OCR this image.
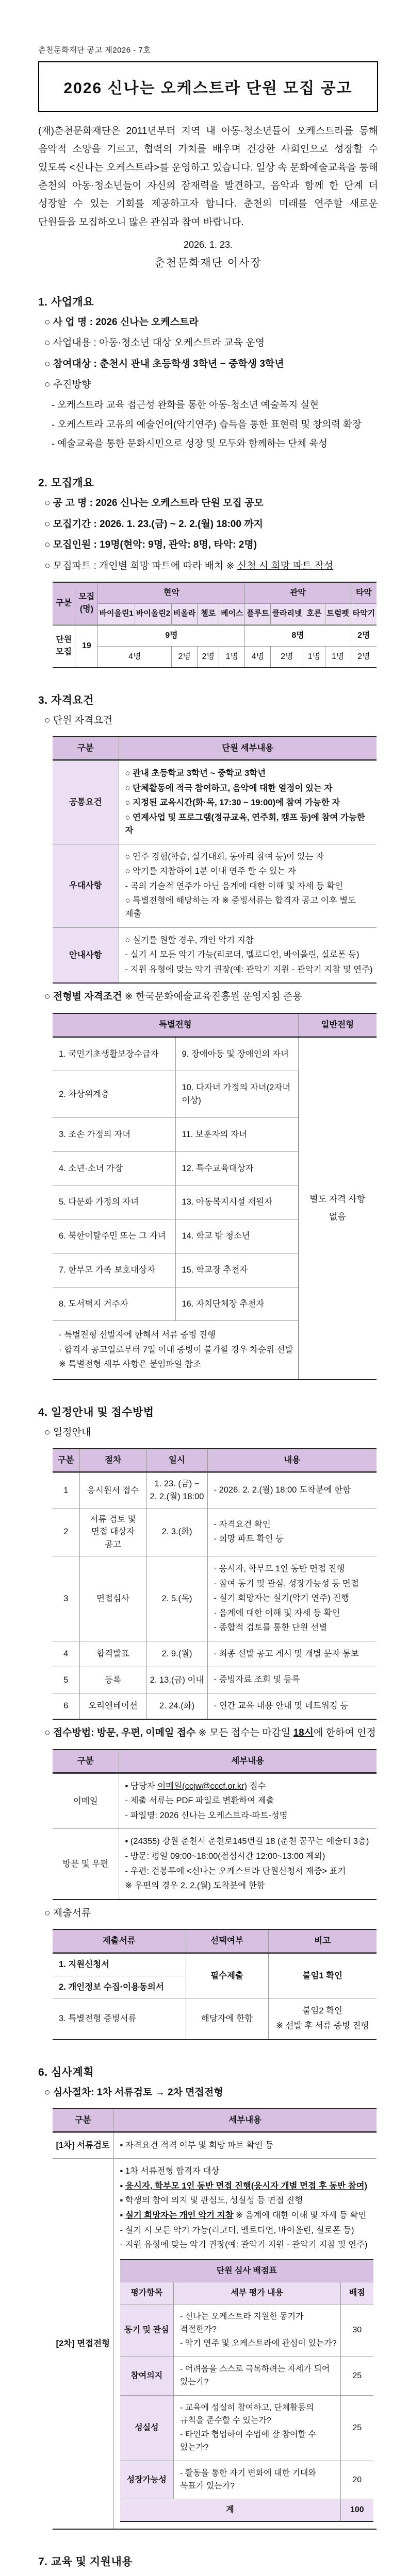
춘천문화재단 공고 제2026 - 7호
2026 신나는 오케스트라 단원 모집 공고
(재)춘천문화재단은 2011년부터 지역 내 아동·청소년들이 오케스트라를 통해 음악적 소양을 기르고, 협력의 가치를 배우며 건강한 사회인으로 성장할 수 있도록 <신나는 오케스트라>를 운영하고 있습니다. 일상 속 문화예술교육을 통해 춘천의 아동·청소년들이 자신의 잠재력을 발견하고, 음악과 함께 한 단계 더 성장할 수 있는 기회를 제공하고자 합니다. 춘천의 미래를 연주할 새로운 단원들을 모집하오니 많은 관심과 참여 바랍니다.
2026. 1. 23.
춘천문화재단 이사장
1. 사업개요
○ 사 업 명 : 2026 신나는 오케스트라
○ 사업내용 : 아동·청소년 대상 오케스트라 교육 운영
○ 참여대상 : 춘천시 관내 초등학생 3학년 ~ 중학생 3학년
○ 추진방향
- 오케스트라 교육 접근성 완화를 통한 아동·청소년 예술복지 실현
- 오케스트라 고유의 예술언어(악기연주) 습득을 통한 표현력 및 창의력 확장
- 예술교육을 통한 문화시민으로 성장 및 모두와 함께하는 단체 육성
2. 모집개요
○ 공 고 명 : 2026 신나는 오케스트라 단원 모집 공모
○ 모집기간 : 2026. 1. 23.(금) ~ 2. 2.(월) 18:00 까지
○ 모집인원 : 19명(현악: 9명, 관악: 8명, 타악: 2명)
○ 모집파트 : 개인별 희망 파트에 따라 배치 ※ 신청 시 희망 파트 작성
구분	모집(명)	현악					관악				타악
		바이올린1	바이올린2	비올라	첼로	베이스	플루트	클라리넷	호른	트럼펫	타악기
단원 모집	19	9명					8명				2명
		4명		2명	2명	1명	4명	2명	1명	1명	2명
3. 자격요건
○ 단원 자격요건
구분	단원 세부내용
공통요건	○ 관내 초등학교 3학년 ~ 중학교 3학년
○ 단체활동에 적극 참여하고, 음악에 대한 열정이 있는 자
○ 지정된 교육시간(화·목, 17:30 ~ 19:00)에 참여 가능한 자
○ 연계사업 및 프로그램(정규교육, 연주회, 캠프 등)에 참여 가능한 자

우대사항	○ 연주 경험(학습, 실기대회, 동아리 참여 등)이 있는 자
○ 악기를 지참하여 1분 이내 연주 할 수 있는 자
- 곡의 기술적 연주가 아닌 음계에 대한 이해 및 자세 등 확인
○ 특별전형에 해당하는 자 ※ 증빙서류는 합격자 공고 이후 별도 제출

안내사항	○ 실기를 원할 경우, 개인 악기 지참
- 실기 시 모든 악기 가능(리코더, 멜로디언, 바이올린, 실로폰 등)
- 지원 유형에 맞는 악기 권장(예: 관악기 지원 - 관악기 지참 및 연주)
○ 전형별 자격조건 ※ 한국문화예술교육진흥원 운영지침 준용
특별전형		일반전형
1. 국민기초생활보장수급자	9. 장애아동 및 장애인의 자녀	별도 자격 사항 없음
2. 차상위계층	10. 다자녀 가정의 자녀(2자녀 이상)	
3. 조손 가정의 자녀	11. 보훈자의 자녀	
4. 소년·소녀 가장	12. 특수교육대상자	
5. 다문화 가정의 자녀	13. 아동복지시설 재원자	
6. 북한이탈주민 또는 그 자녀	14. 학교 밖 청소년	
7. 한부모 가족 보호대상자	15. 학교장 추천자	
8. 도서벽지 거주자	16. 자치단체장 추천자	

- 특별전형 선발자에 한해서 서류 증빙 진행
· 합격자 공고일로부터 7일 이내 증빙이 불가할 경우 차순위 선발
※ 특별전형 세부 사항은 붙임파일 참조		
4. 일정안내 및 접수방법
○ 일정안내
구분	절차	일시	내용
1	응시원서 접수	1. 23. (금) ~ 2. 2.(월) 18:00	- 2026. 2. 2.(월) 18:00 도착분에 한함

2	서류 검토 및 면접 대상자 공고	2. 3.(화)	- 자격요건 확인
- 희망 파트 확인 등

3	면접심사	2. 5.(목)	- 응시자, 학부모 1인 동반 면접 진행
- 참여 동기 및 관심, 성장가능성 등 면접
- 실기 희망자는 실기(악기 연주) 진행
· 음계에 대한 이해 및 자세 등 확인
- 종합적 검토를 통한 단원 선별

4	합격발표	2. 9.(월)	- 최종 선발 공고 게시 및 개별 문자 통보

5	등록	2. 13.(금) 이내	- 증빙자료 조회 및 등록

6	오리엔테이션	2. 24.(화)	- 연간 교육 내용 안내 및 네트워킹 등
○ 접수방법: 방문, 우편, 이메일 접수 ※ 모든 접수는 마감일 18시에 한하여 인정
구분	세부내용
이메일	▪ 담당자 이메일(ccjw@cccf.or.kr) 접수
- 제출 서류는 PDF 파일로 변환하여 제출
- 파일명: 2026 신나는 오케스트라-파트-성명

방문 및 우편	▪ (24355) 강원 춘천시 춘천로145번길 18 (춘천 꿈꾸는 예술터 3층)
- 방문: 평일 09:00~18:00(점심시간 12:00~13:00 제외)
- 우편: 겉봉투에 <신나는 오케스트라 단원신청서 재중> 표기
※ 우편의 경우 2. 2.(월) 도착분에 한함
○ 제출서류
제출서류	선택여부	비고
1. 지원신청서	필수제출	붙임1 확인
2. 개인정보 수집·이용동의서		
3. 특별전형 증빙서류	해당자에 한함	붙임2 확인
※ 선발 후 서류 증빙 진행
6. 심사계획
○ 심사절차: 1차 서류검토 → 2차 면접전형
구분	세부내용
[1차] 서류검토	▪ 자격요건 적격 여부 및 희망 파트 확인 등

[2차] 면접전형	
▪ 1차 서류전형 합격자 대상
▪ 응시자, 학부모 1인 동반 면접 진행(응시자 개별 면접 후 동반 참여)
▪ 학생의 참여 의지 및 관심도, 성실성 등 면접 진행
▪ 실기 희망자는 개인 악기 지참 ※ 음계에 대한 이해 및 자세 등 확인
- 실기 시 모든 악기 가능(리코더, 멜로디언, 바이올린, 실로폰 등)
- 지원 유형에 맞는 악기 권장(예: 관악기 지원 - 관악기 지참 및 연주)
단원 심사 배점표
평가항목	세부 평가 내용	배점
동기 및 관심	
- 신나는 오케스트라 지원한 동기가 적절한가?
- 악기 연주 및 오케스트라에 관심이 있는가?
	30
참여의지	
- 어려움을 스스로 극복하려는 자세가 되어 있는가?
	25
성실성	
- 교육에 성실히 참여하고, 단체활동의 규칙을 준수할 수 있는가?
- 타인과 협업하여 수업에 잘 참여할 수 있는가?
	25
성장가능성	
- 활동을 통한 자기 변화에 대한 기대와 목표가 있는가?
	20
계	100
7. 교육 및 지원내용
